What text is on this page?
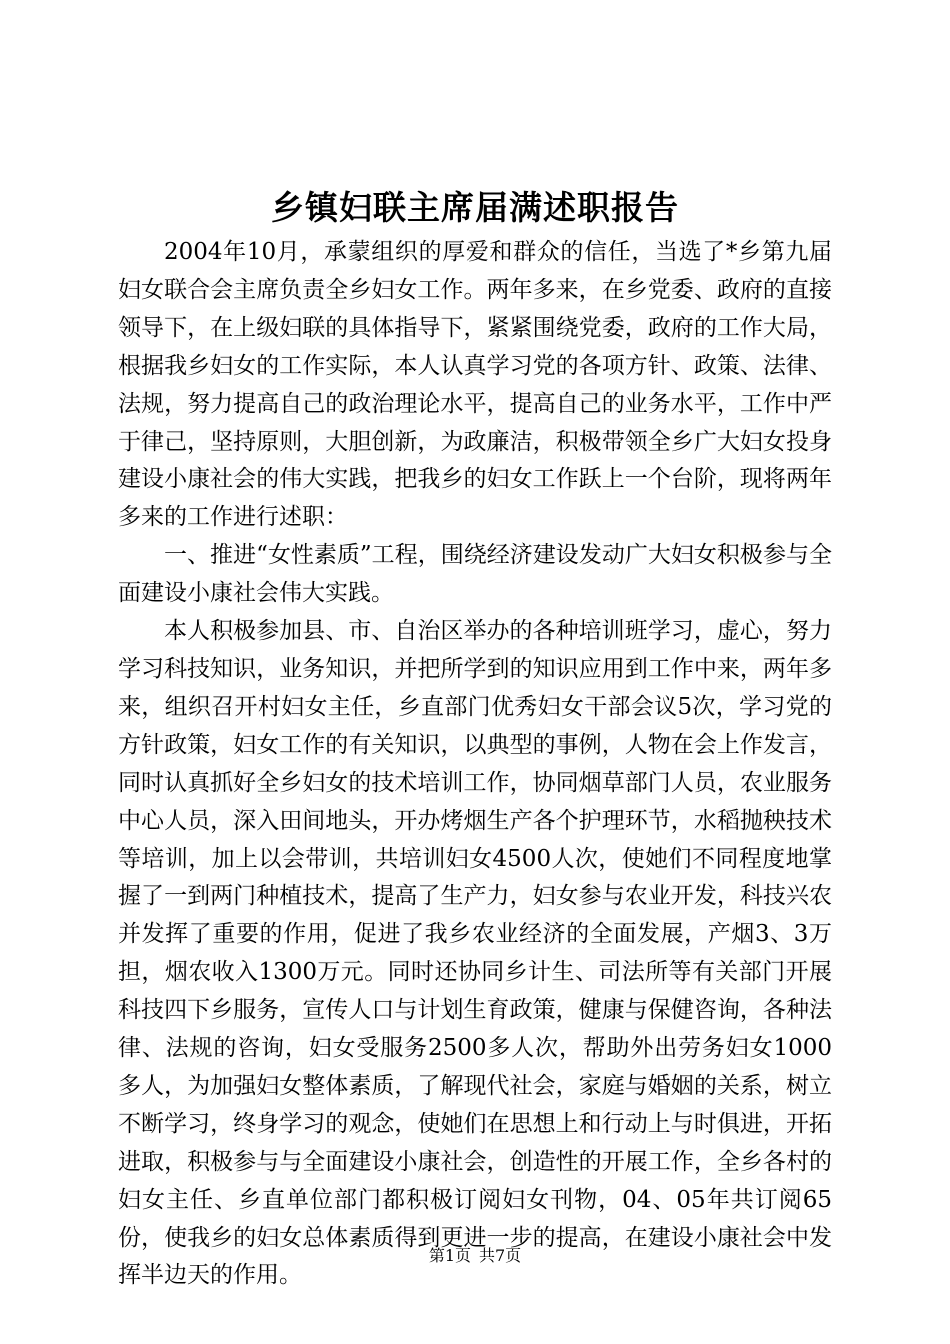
乡镇妇联主席届满述职报告

2004年10月，承蒙组织的厚爱和群众的信任，当选了*乡第九届妇女联合会主席负责全乡妇女工作。两年多来，在乡党委、政府的直接领导下，在上级妇联的具体指导下，紧紧围绕党委，政府的工作大局，根据我乡妇女的工作实际，本人认真学习党的各项方针、政策、法律、法规，努力提高自己的政治理论水平，提高自己的业务水平，工作中严于律己，坚持原则，大胆创新，为政廉洁，积极带领全乡广大妇女投身建设小康社会的伟大实践，把我乡的妇女工作跃上一个台阶，现将两年多来的工作进行述职：

一、推进“女性素质”工程，围绕经济建设发动广大妇女积极参与全面建设小康社会伟大实践。

本人积极参加县、市、自治区举办的各种培训班学习，虚心，努力学习科技知识，业务知识，并把所学到的知识应用到工作中来，两年多来，组织召开村妇女主任，乡直部门优秀妇女干部会议5次，学习党的方针政策，妇女工作的有关知识，以典型的事例，人物在会上作发言，同时认真抓好全乡妇女的技术培训工作，协同烟草部门人员，农业服务中心人员，深入田间地头，开办烤烟生产各个护理环节，水稻抛秧技术等培训，加上以会带训，共培训妇女4500人次，使她们不同程度地掌握了一到两门种植技术，提高了生产力，妇女参与农业开发，科技兴农并发挥了重要的作用，促进了我乡农业经济的全面发展，产烟3、3万担，烟农收入1300万元。同时还协同乡计生、司法所等有关部门开展科技四下乡服务，宣传人口与计划生育政策，健康与保健咨询，各种法律、法规的咨询，妇女受服务2500多人次，帮助外出劳务妇女1000多人，为加强妇女整体素质，了解现代社会，家庭与婚姻的关系，树立不断学习，终身学习的观念，使她们在思想上和行动上与时俱进，开拓进取，积极参与与全面建设小康社会，创造性的开展工作，全乡各村的妇女主任、乡直单位部门都积极订阅妇女刊物，04、05年共订阅65份，使我乡的妇女总体素质得到更进一步的提高，在建设小康社会中发挥半边天的作用。

第1页 共7页
